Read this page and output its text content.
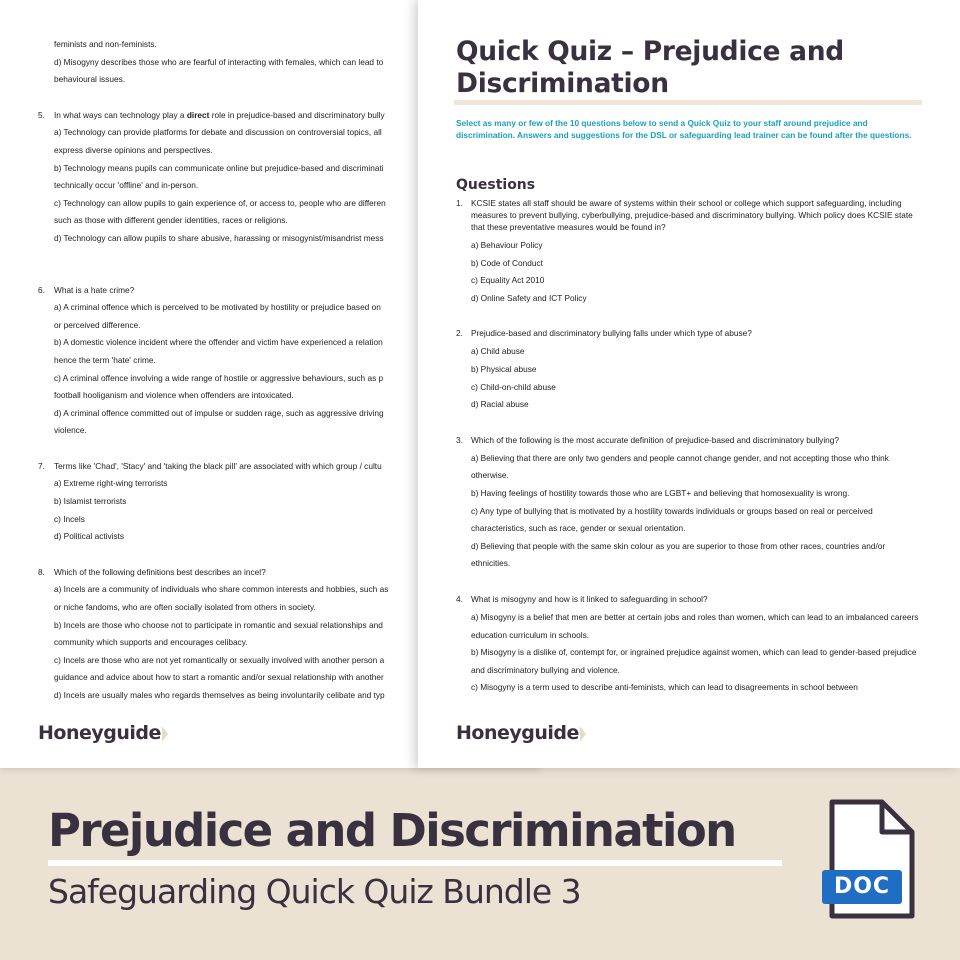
feminists and non-feminists.
d) Misogyny describes those who are fearful of interacting with females, which can lead to
behavioural issues.
5.	In what ways can technology play a direct role in prejudice-based and discriminatory bully
a) Technology can provide platforms for debate and discussion on controversial topics, all
express diverse opinions and perspectives.
b) Technology means pupils can communicate online but prejudice-based and discriminati
technically occur 'offline' and in-person.
c) Technology can allow pupils to gain experience of, or access to, people who are differen
such as those with different gender identities, races or religions.
d) Technology can allow pupils to share abusive, harassing or misogynist/misandrist mess
6.	What is a hate crime?
a) A criminal offence which is perceived to be motivated by hostility or prejudice based on
or perceived difference.
b) A domestic violence incident where the offender and victim have experienced a relation
hence the term 'hate' crime.
c) A criminal offence involving a wide range of hostile or aggressive behaviours, such as p
football hooliganism and violence when offenders are intoxicated.
d) A criminal offence committed out of impulse or sudden rage, such as aggressive driving
violence.
7.	Terms like 'Chad', 'Stacy' and 'taking the black pill' are associated with which group / cultu
a) Extreme right-wing terrorists
b) Islamist terrorists
c) Incels
d) Political activists
8.	Which of the following definitions best describes an incel?
a) Incels are a community of individuals who share common interests and hobbies, such as
or niche fandoms, who are often socially isolated from others in society.
b) Incels are those who choose not to participate in romantic and sexual relationships and
community which supports and encourages celibacy.
c) Incels are those who are not yet romantically or sexually involved with another person a
guidance and advice about how to start a romantic and/or sexual relationship with another
d) Incels are usually males who regards themselves as being involuntarily celibate and typ
Honeyguide
Quick Quiz – Prejudice and Discrimination
Select as many or few of the 10 questions below to send a Quick Quiz to your staff around prejudice and discrimination. Answers and suggestions for the DSL or safeguarding lead trainer can be found after the questions.
Questions
1. KCSIE states all staff should be aware of systems within their school or college which support safeguarding, including measures to prevent bullying, cyberbullying, prejudice-based and discriminatory bullying. Which policy does KCSIE state that these preventative measures would be found in?
a) Behaviour Policy
b) Code of Conduct
c) Equality Act 2010
d) Online Safety and ICT Policy
2. Prejudice-based and discriminatory bullying falls under which type of abuse?
a) Child abuse
b) Physical abuse
c) Child-on-child abuse
d) Racial abuse
3. Which of the following is the most accurate definition of prejudice-based and discriminatory bullying?
a) Believing that there are only two genders and people cannot change gender, and not accepting those who think otherwise.
b) Having feelings of hostility towards those who are LGBT+ and believing that homosexuality is wrong.
c) Any type of bullying that is motivated by a hostility towards individuals or groups based on real or perceived characteristics, such as race, gender or sexual orientation.
d) Believing that people with the same skin colour as you are superior to those from other races, countries and/or ethnicities.
4. What is misogyny and how is it linked to safeguarding in school?
a) Misogyny is a belief that men are better at certain jobs and roles than women, which can lead to an imbalanced careers education curriculum in schools.
b) Misogyny is a dislike of, contempt for, or ingrained prejudice against women, which can lead to gender-based prejudice and discriminatory bullying and violence.
c) Misogyny is a term used to describe anti-feminists, which can lead to disagreements in school between
Honeyguide
Prejudice and Discrimination
Safeguarding Quick Quiz Bundle 3	DOC
